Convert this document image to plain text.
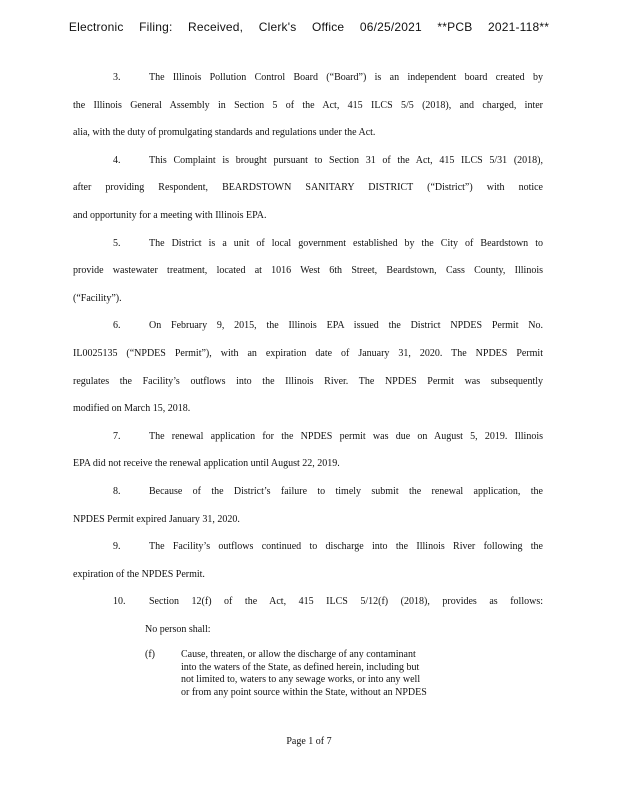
Electronic Filing: Received, Clerk's Office 06/25/2021 **PCB 2021-118**
3.	The Illinois Pollution Control Board (“Board”) is an independent board created by
the Illinois General Assembly in Section 5 of the Act, 415 ILCS 5/5 (2018), and charged, inter
alia, with the duty of promulgating standards and regulations under the Act.
4.	This Complaint is brought pursuant to Section 31 of the Act, 415 ILCS 5/31 (2018),
after providing Respondent, BEARDSTOWN SANITARY DISTRICT (“District”) with notice
and opportunity for a meeting with Illinois EPA.
5.	The District is a unit of local government established by the City of Beardstown to
provide wastewater treatment, located at 1016 West 6th Street, Beardstown, Cass County, Illinois
(“Facility”).
6.	On February 9, 2015, the Illinois EPA issued the District NPDES Permit No.
IL0025135 (“NPDES Permit”), with an expiration date of January 31, 2020. The NPDES Permit
regulates the Facility’s outflows into the Illinois River. The NPDES Permit was subsequently
modified on March 15, 2018.
7.	The renewal application for the NPDES permit was due on August 5, 2019. Illinois
EPA did not receive the renewal application until August 22, 2019.
8.	Because of the District’s failure to timely submit the renewal application, the
NPDES Permit expired January 31, 2020.
9.	The Facility’s outflows continued to discharge into the Illinois River following the
expiration of the NPDES Permit.
10. Section 12(f) of the Act, 415 ILCS 5/12(f) (2018), provides as follows:
No person shall:
(f)	Cause, threaten, or allow the discharge of any contaminant
into the waters of the State, as defined herein, including but
not limited to, waters to any sewage works, or into any well
or from any point source within the State, without an NPDES
Page 1 of 7
